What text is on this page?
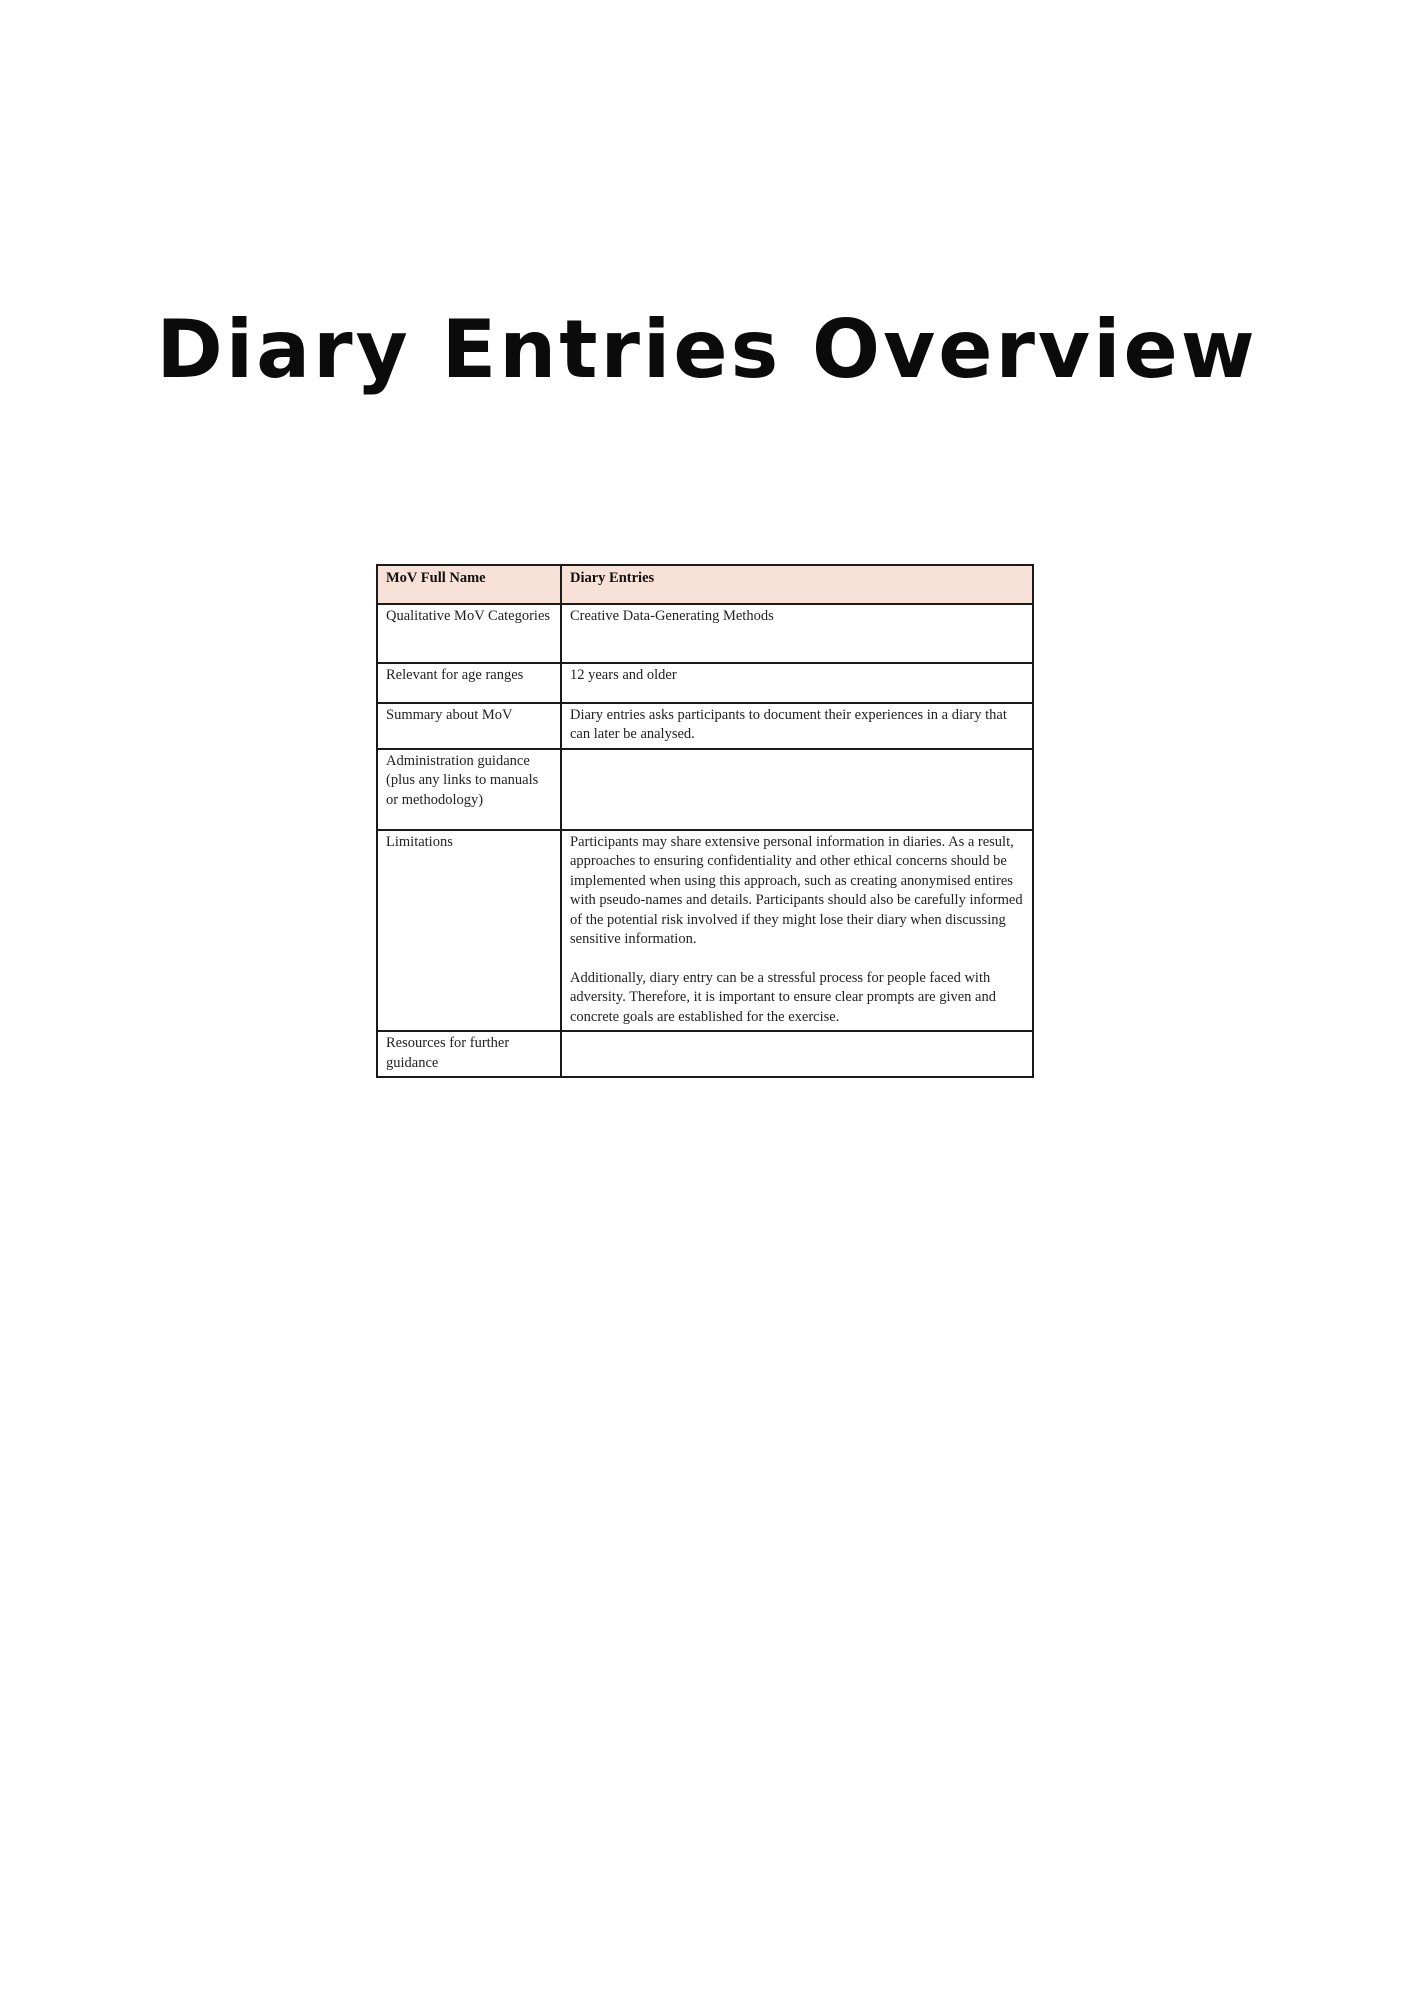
Diary Entries Overview
MoV Full Name	Diary Entries
Qualitative MoV Categories	Creative Data-Generating Methods
Relevant for age ranges	12 years and older
Summary about MoV	Diary entries asks participants to document their experiences in a diary that can later be analysed.
Administration guidance (plus any links to manuals or methodology)	
Limitations	Participants may share extensive personal information in diaries. As a result, approaches to ensuring confidentiality and other ethical concerns should be implemented when using this approach, such as creating anonymised entires with pseudo-names and details. Participants should also be carefully informed of the potential risk involved if they might lose their diary when discussing sensitive information.

Additionally, diary entry can be a stressful process for people faced with adversity. Therefore, it is important to ensure clear prompts are given and concrete goals are established for the exercise.

Resources for further guidance	
